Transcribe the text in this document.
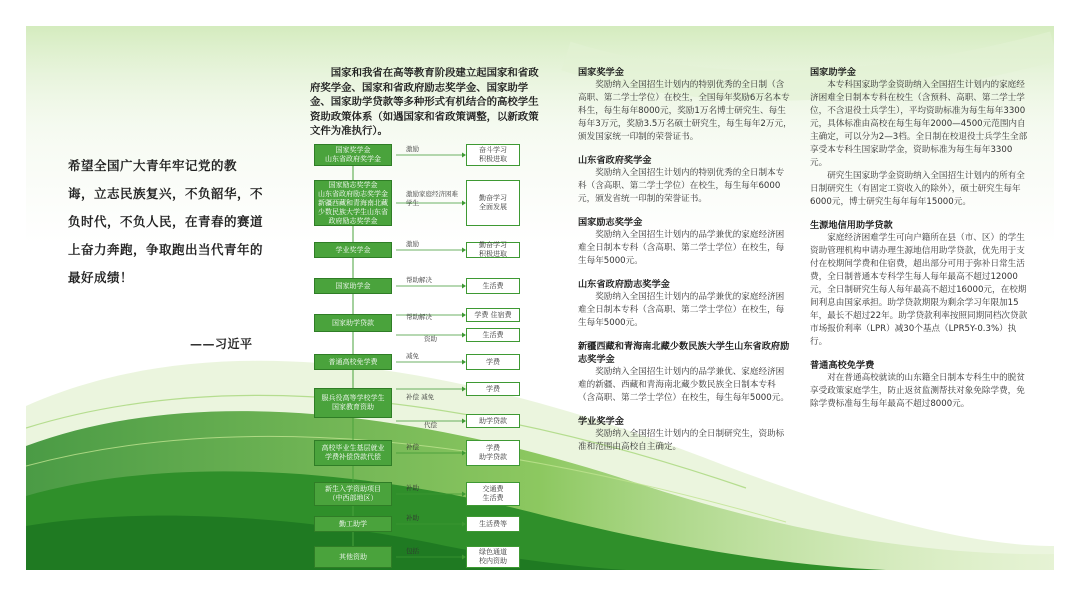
希望全国广大青年牢记党的教
诲，立志民族复兴，不负韶华，不
负时代，不负人民，在青春的赛道
上奋力奔跑，争取跑出当代青年的
最好成绩！
——习近平

国家和我省在高等教育阶段建立起国家和省政府奖学金、国家和省政府励志奖学金、国家助学金、国家助学贷款等多种形式有机结合的高校学生资助政策体系（如遇国家和省政策调整，以新政策文件为准执行）。

国家奖学金
山东省政府奖学金
激励	奋斗学习
积极进取
国家励志奖学金
山东省政府励志奖学金
新疆西藏和青海南北藏少数民族大学生山东省政府励志奖学金
激励家庭经济困难学生
勤奋学习
全面发展
学业奖学金
激励	勤奋学习
积极进取
国家助学金
帮助解决
生活费
国家助学贷款
帮助解决	学费 住宿费
生活费
资助
普通高校免学费
减免
学费
服兵役高等学校学生
国家教育资助
补偿 减免
学费
助学贷款
代偿
高校毕业生基层就业
学费补偿贷款代偿
补偿	学费
助学贷款
新生入学资助项目
（中西部地区）
补助	交通费
生活费
勤工助学
补助
生活费等
其他资助
包括	绿色通道
校内资助
国家奖学金

奖励纳入全国招生计划内的特别优秀的全日制（含高职、第二学士学位）在校生，全国每年奖励6万名本专科生，每生每年8000元，奖励1万名博士研究生、每生每年3万元，奖励3.5万名硕士研究生，每生每年2万元，颁发国家统一印制的荣誉证书。

山东省政府奖学金

奖励纳入全国招生计划内的特别优秀的全日制本专科（含高职、第二学士学位）在校生，每生每年6000元，颁发省统一印制的荣誉证书。

国家励志奖学金

奖励纳入全国招生计划内的品学兼优的家庭经济困难全日制本专科（含高职、第二学士学位）在校生，每生每年5000元。

山东省政府励志奖学金

奖励纳入全国招生计划内的品学兼优的家庭经济困难全日制本专科（含高职、第二学士学位）在校生，每生每年5000元。

新疆西藏和青海南北藏少数民族大学生山东省政府励志奖学金

奖励纳入全国招生计划内的品学兼优、家庭经济困难的新疆、西藏和青海南北藏少数民族全日制本专科（含高职、第二学士学位）在校生，每生每年5000元。

学业奖学金

奖励纳入全国招生计划内的全日制研究生，资助标准和范围由高校自主确定。

国家助学金

本专科国家助学金资助纳入全国招生计划内的家庭经济困难全日制本专科在校生（含预科、高职、第二学士学位，不含退役士兵学生），平均资助标准为每生每年3300元，具体标准由高校在每生每年2000—4500元范围内自主确定，可以分为2—3档。全日制在校退役士兵学生全部享受本专科生国家助学金，资助标准为每生每年3300元。

研究生国家助学金资助纳入全国招生计划内的所有全日制研究生（有固定工资收入的除外），硕士研究生每年6000元，博士研究生每年每年15000元。

生源地信用助学贷款

家庭经济困难学生可向户籍所在县（市、区）的学生资助管理机构申请办理生源地信用助学贷款，优先用于支付在校期间学费和住宿费，超出部分可用于弥补日常生活费，全日制普通本专科学生每人每年最高不超过12000元，全日制研究生每人每年最高不超过16000元，在校期间利息由国家承担。助学贷款期限为剩余学习年限加15年，最长不超过22年。助学贷款利率按照同期同档次贷款市场报价利率（LPR）减30个基点（LPR5Y-0.3%）执行。

普通高校免学费

对在普通高校就读的山东籍全日制本专科生中的脱贫享受政策家庭学生，防止返贫监测帮扶对象免除学费，免除学费标准每生每年最高不超过8000元。
